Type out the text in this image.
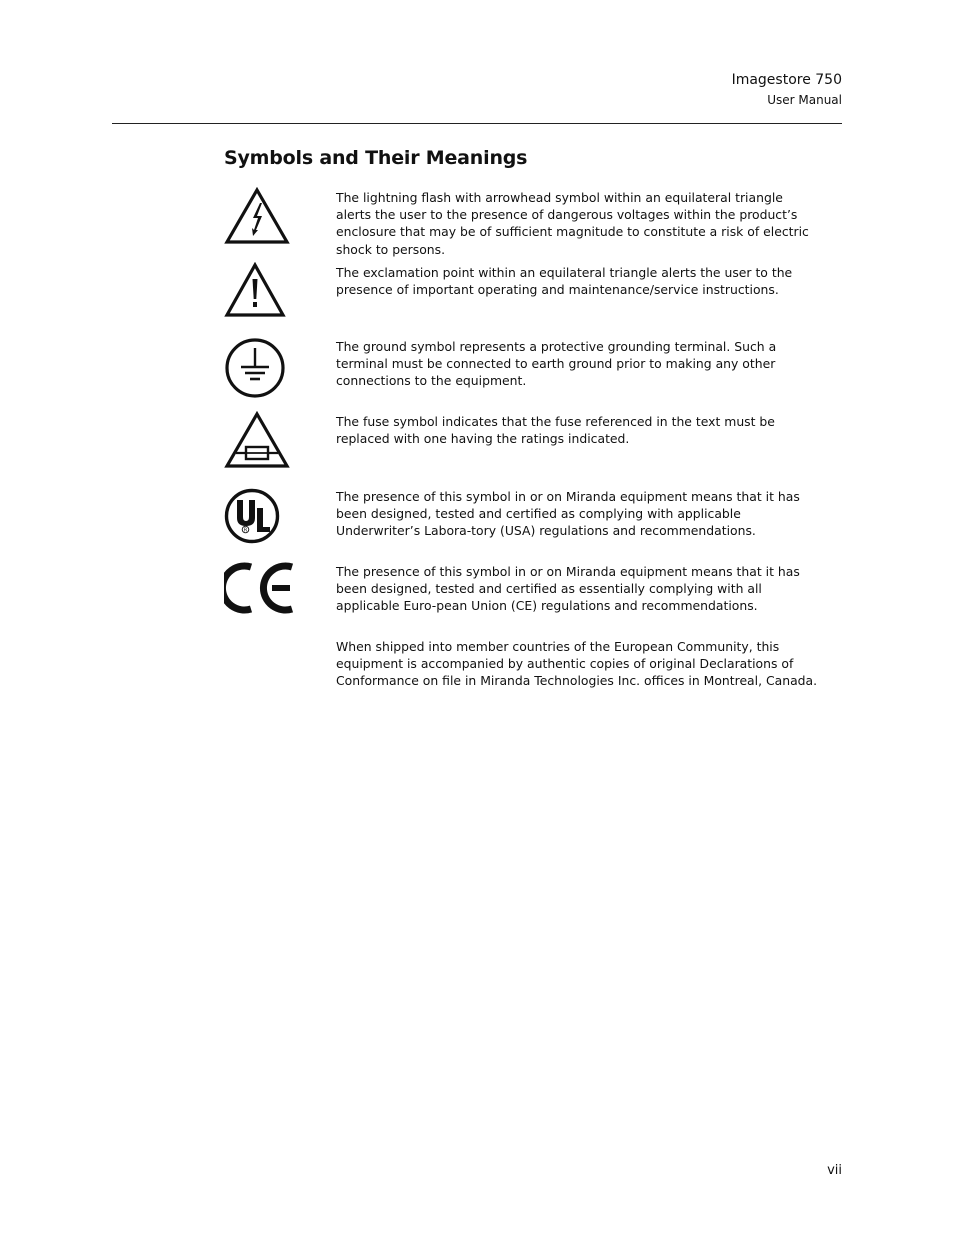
Imagestore 750
User Manual
Symbols and Their Meanings
The lightning flash with arrowhead symbol within an equilateral triangle alerts the user to the presence of dangerous voltages within the product’s enclosure that may be of sufficient magnitude to constitute a risk of electric shock to persons.
The exclamation point within an equilateral triangle alerts the user to the presence of important operating and maintenance/service instructions.
The ground symbol represents a protective grounding terminal. Such a terminal must be connected to earth ground prior to making any other connections to the equipment.
The fuse symbol indicates that the fuse referenced in the text must be replaced with one having the ratings indicated.
R
The presence of this symbol in or on Miranda equipment means that it has been designed, tested and certified as complying with applicable Underwriter’s Labora-tory (USA) regulations and recommendations.
The presence of this symbol in or on Miranda equipment means that it has been designed, tested and certified as essentially complying with all applicable Euro-pean Union (CE) regulations and recommendations.
When shipped into member countries of the European Community, this equipment is accompanied by authentic copies of original Declarations of Conformance on file in Miranda Technologies Inc. offices in Montreal, Canada.
vii
